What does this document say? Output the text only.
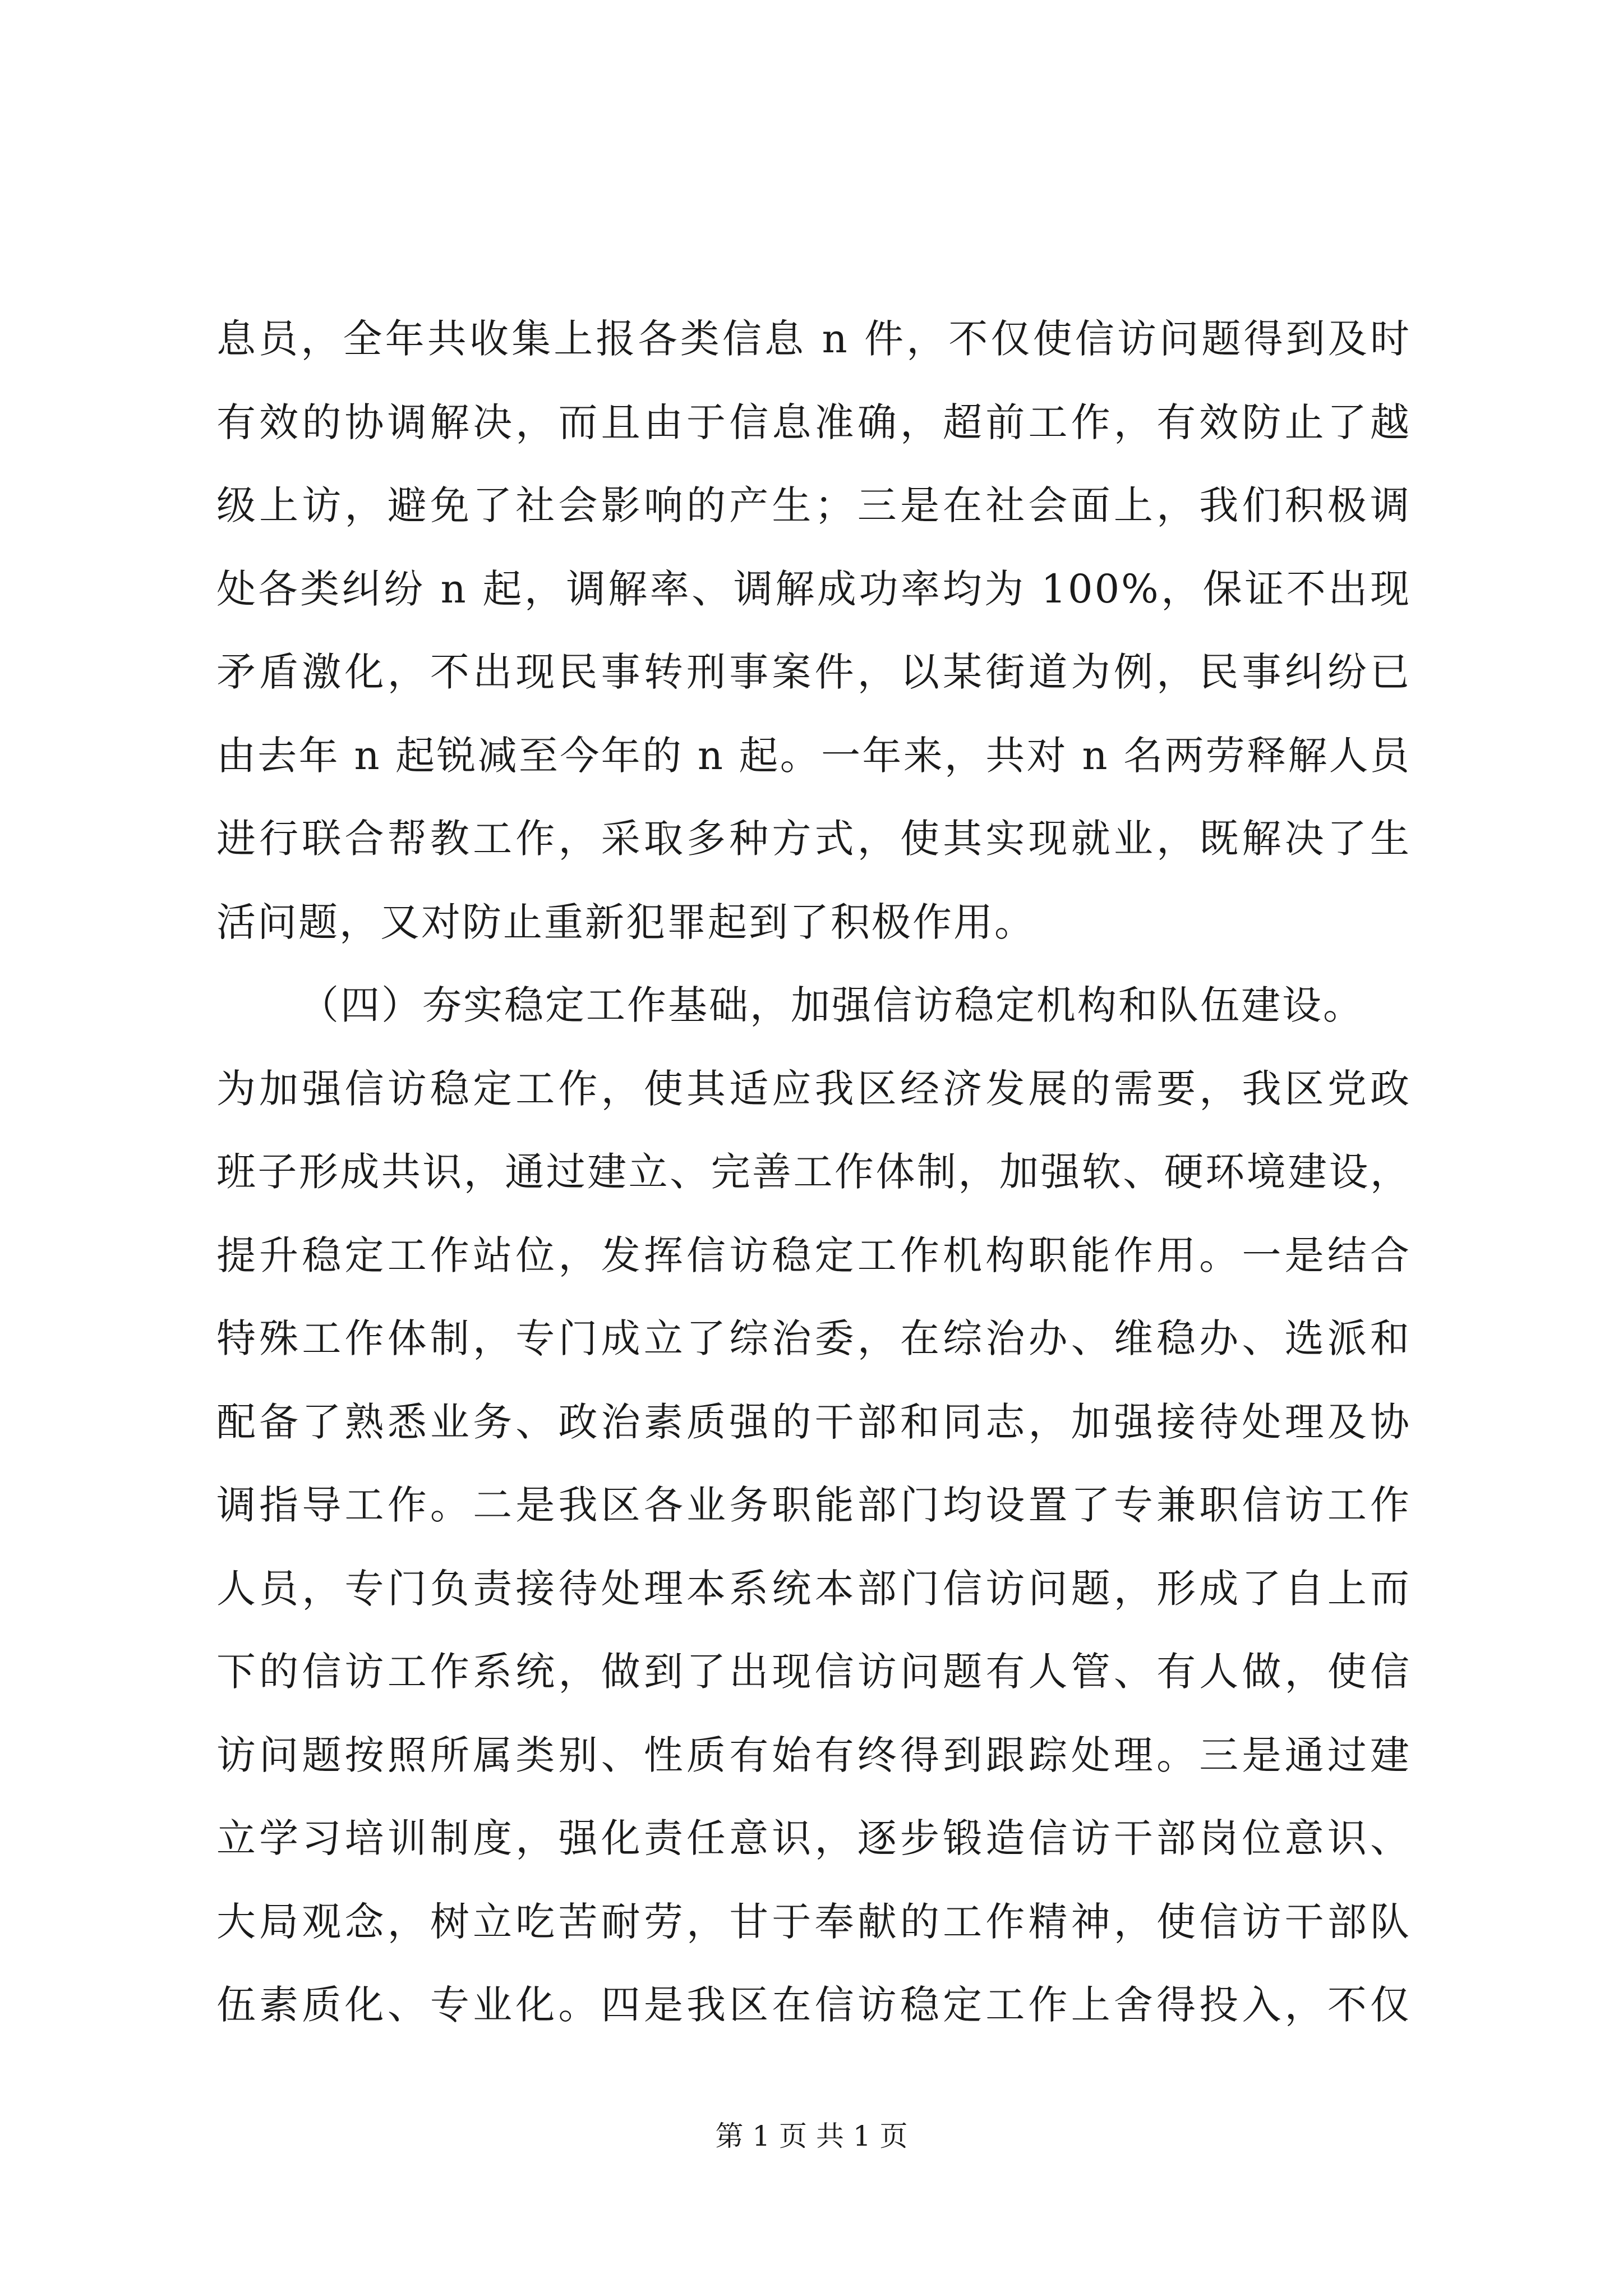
息员，全年共收集上报各类信息 n 件，不仅使信访问题得到及时
有效的协调解决，而且由于信息准确，超前工作，有效防止了越
级上访，避免了社会影响的产生；三是在社会面上，我们积极调
处各类纠纷 n 起，调解率、调解成功率均为 100%，保证不出现
矛盾激化，不出现民事转刑事案件，以某街道为例，民事纠纷已
由去年 n 起锐减至今年的 n 起。一年来，共对 n 名两劳释解人员
进行联合帮教工作，采取多种方式，使其实现就业，既解决了生
活问题，又对防止重新犯罪起到了积极作用。
（四）夯实稳定工作基础，加强信访稳定机构和队伍建设。
为加强信访稳定工作，使其适应我区经济发展的需要，我区党政
班子形成共识，通过建立、完善工作体制，加强软、硬环境建设，
提升稳定工作站位，发挥信访稳定工作机构职能作用。一是结合
特殊工作体制，专门成立了综治委，在综治办、维稳办、选派和
配备了熟悉业务、政治素质强的干部和同志，加强接待处理及协
调指导工作。二是我区各业务职能部门均设置了专兼职信访工作
人员，专门负责接待处理本系统本部门信访问题，形成了自上而
下的信访工作系统，做到了出现信访问题有人管、有人做，使信
访问题按照所属类别、性质有始有终得到跟踪处理。三是通过建
立学习培训制度，强化责任意识，逐步锻造信访干部岗位意识、
大局观念，树立吃苦耐劳，甘于奉献的工作精神，使信访干部队
伍素质化、专业化。四是我区在信访稳定工作上舍得投入，不仅
第 1 页 共 1 页
